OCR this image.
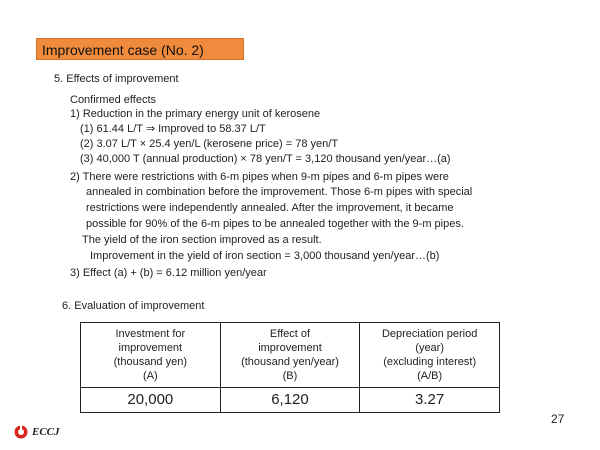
Improvement case (No. 2)
5. Effects of improvement
Confirmed effects
1) Reduction in the primary energy unit of kerosene
(1) 61.44 L/T ⇒ Improved to 58.37 L/T
(2) 3.07 L/T × 25.4 yen/L (kerosene price) = 78 yen/T
(3) 40,000 T (annual production) × 78 yen/T = 3,120 thousand yen/year…(a)
2) There were restrictions with 6-m pipes when 9-m pipes and 6-m pipes were
annealed in combination before the improvement. Those 6-m pipes with special
restrictions were independently annealed. After the improvement, it became
possible for 90% of the 6-m pipes to be annealed together with the 9-m pipes.
The yield of the iron section improved as a result.
Improvement in the yield of iron section = 3,000 thousand yen/year…(b)
3) Effect (a) + (b) = 6.12 million yen/year
6. Evaluation of improvement
Investment for
improvement
(thousand yen)
(A)	Effect of
improvement
(thousand yen/year)
(B)	Depreciation period
(year)
(excluding interest)
(A/B)

20,000	6,120	3.27
27
ECCJ
